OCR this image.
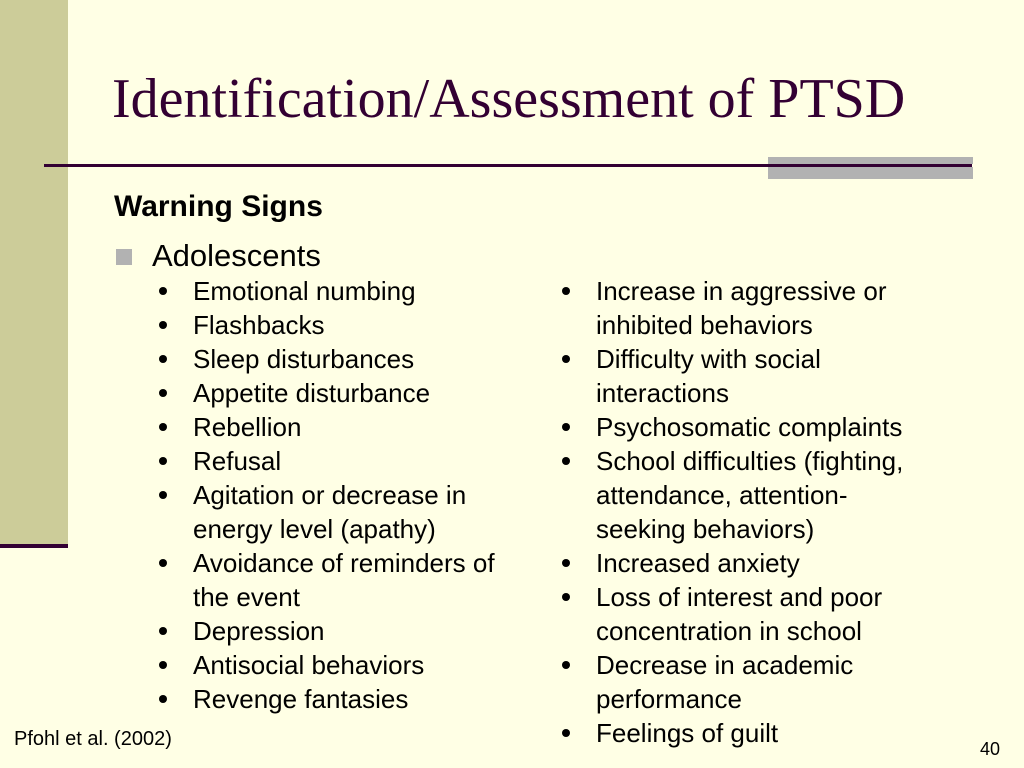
Identification/Assessment of PTSD
Warning Signs
Adolescents
Emotional numbing
Flashbacks
Sleep disturbances
Appetite disturbance
Rebellion
Refusal
Agitation or decrease in
energy level (apathy)
Avoidance of reminders of
the event
Depression
Antisocial behaviors
Revenge fantasies
Increase in aggressive or
inhibited behaviors
Difficulty with social
interactions
Psychosomatic complaints
School difficulties (fighting,
attendance, attention-
seeking behaviors)
Increased anxiety
Loss of interest and poor
concentration in school
Decrease in academic
performance
Feelings of guilt
Pfohl et al. (2002)	40
